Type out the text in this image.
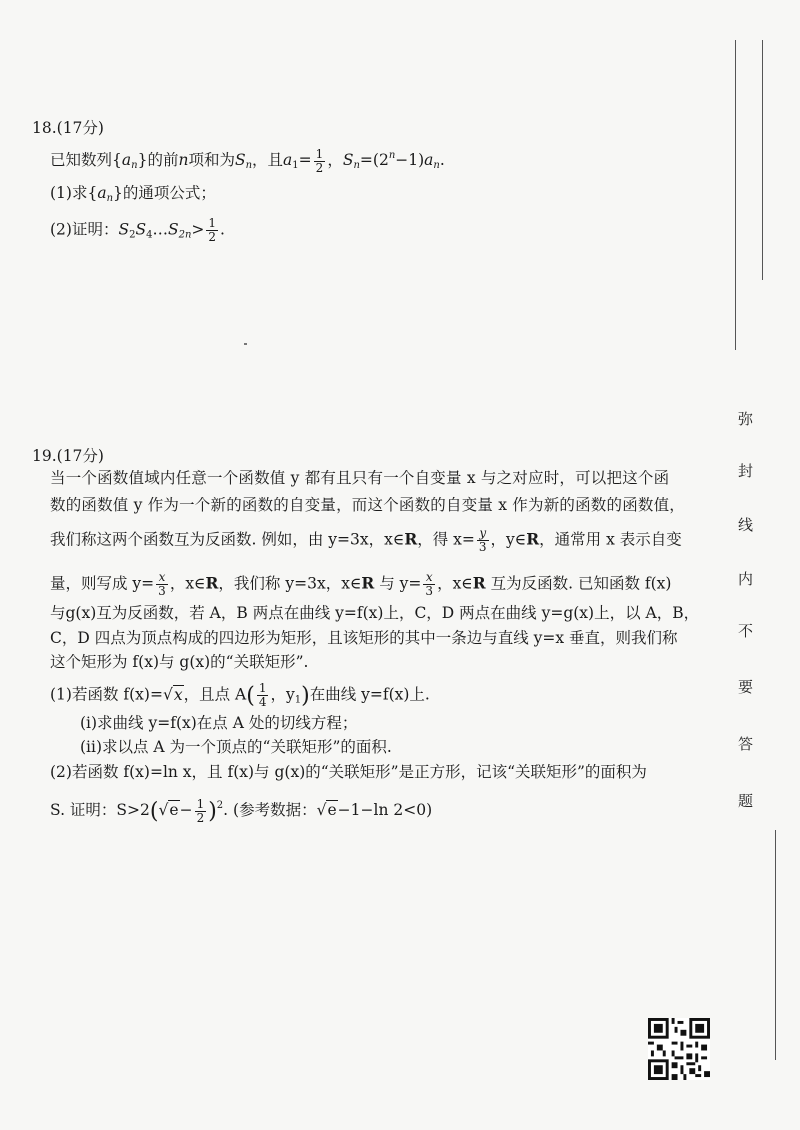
18.(17分)
已知数列$\{a_n\}$的前n项和为$S_n$，且$a_1= \frac{1}{2}$ ，$S_n=(2^n-1)a_n$.
(1)求$\{a_n\}$的通项公式；
(2)证明：$S_2S_4\dots S_{2n}> \frac{1}{2}$ .
19.(17分)
当一个函数值域内任意一个函数值 y 都有且只有一个自变量 x 与之对应时，可以把这个函
数的函数值 y 作为一个新的函数的自变量，而这个函数的自变量 x 作为新的函数的函数值，
我们称这两个函数互为反函数. 例如，由 y=3x，x∈R，得 $x= \frac{y}{3}$ ，y∈R，通常用 x 表示自变
量，则写成 $y= \frac{x}{3}$ ，x∈R，我们称 y=3x，x∈R 与 $y= \frac{x}{3}$ ，x∈R 互为反函数. 已知函数 f(x)
与g(x)互为反函数，若 A，B 两点在曲线 y=f(x)上，C，D 两点在曲线 y=g(x)上，以 A，B，
C，D 四点为顶点构成的四边形为矩形，且该矩形的其中一条边与直线 y=x 垂直，则我们称
这个矩形为 f(x)与 g(x)的“关联矩形”.
(1)若函数 f(x)=√x，且点 $A( \frac{1}{4}$ ，$y_1$)在曲线 y=f(x)上.
(ⅰ)求曲线 y=f(x)在点 A 处的切线方程；
(ⅱ)求以点 A 为一个顶点的“关联矩形”的面积.
(2)若函数 f(x)=ln x，且 f(x)与 g(x)的“关联矩形”是正方形，记该“关联矩形”的面积为
S. 证明：$S>2(√e- \frac{1}{2} )^2$. (参考数据：√e−1−ln 2<0)
弥
封
线
内
不
要
答
题
